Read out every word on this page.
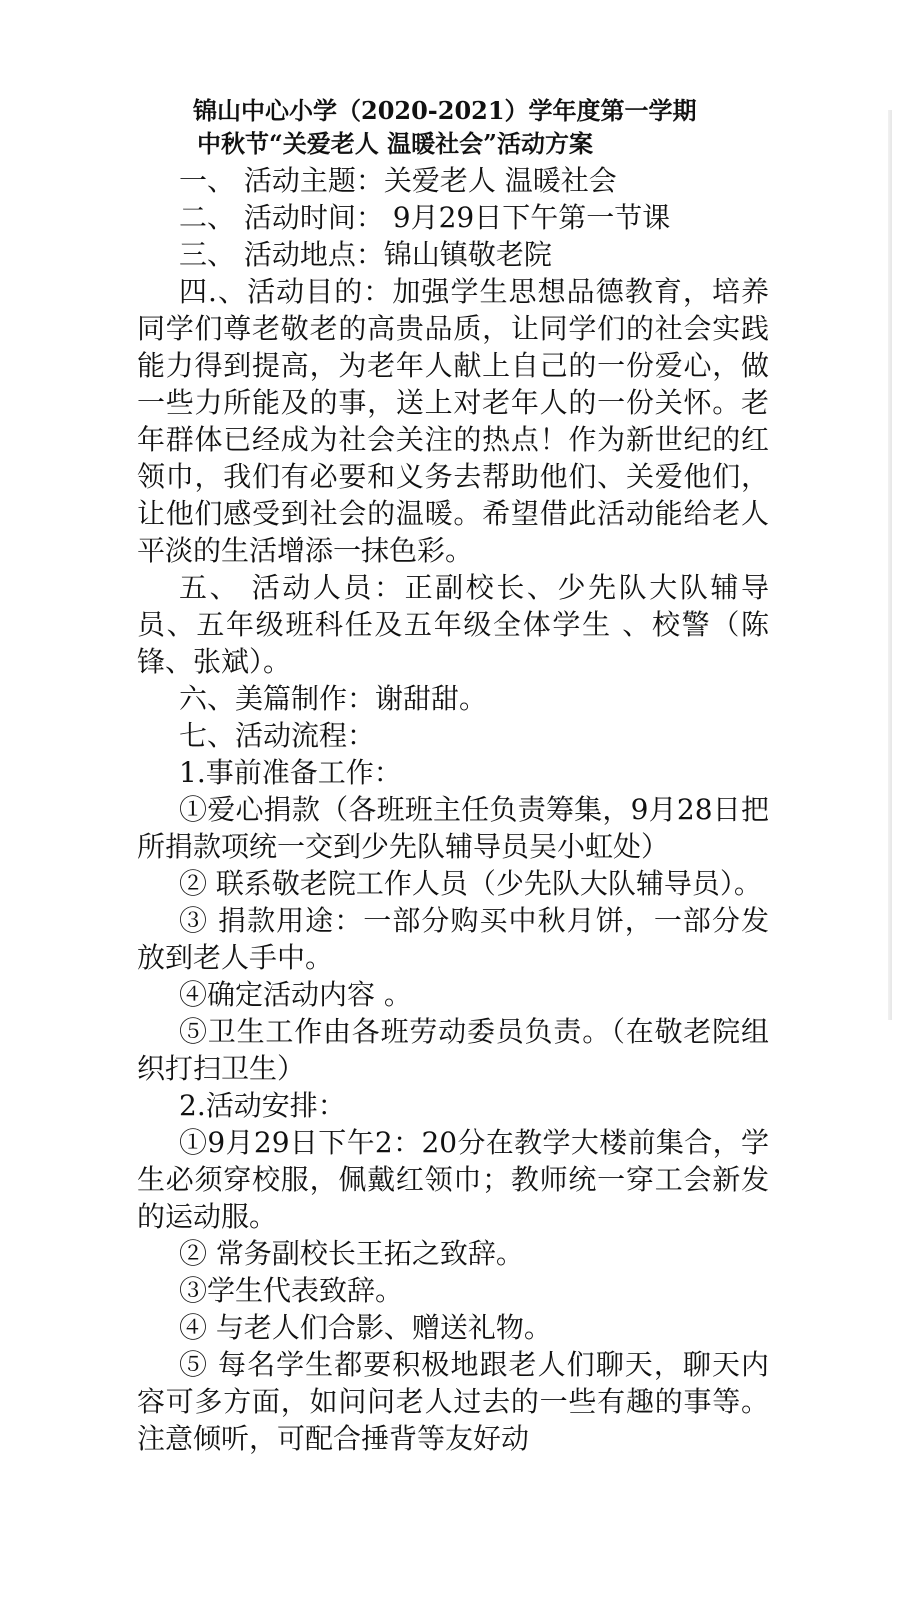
锦山中心小学（2020-2021）学年度第一学期
中秋节“关爱老人 温暖社会”活动方案

一、 活动主题：关爱老人 温暖社会

二、 活动时间： 9月29日下午第一节课

三、 活动地点：锦山镇敬老院

四.、活动目的：加强学生思想品德教育，培养同学们尊老敬老的高贵品质，让同学们的社会实践能力得到提高，为老年人献上自己的一份爱心，做一些力所能及的事，送上对老年人的一份关怀。老年群体已经成为社会关注的热点！作为新世纪的红领巾，我们有必要和义务去帮助他们、关爱他们，让他们感受到社会的温暖。希望借此活动能给老人平淡的生活增添一抹色彩。

五、 活动人员：正副校长、少先队大队辅导员、五年级班科任及五年级全体学生 、校警（陈锋、张斌）。

六、美篇制作：谢甜甜。

七、活动流程：

1.事前准备工作：

①爱心捐款（各班班主任负责筹集，9月28日把所捐款项统一交到少先队辅导员吴小虹处）

② 联系敬老院工作人员（少先队大队辅导员）。

③ 捐款用途：一部分购买中秋月饼，一部分发放到老人手中。

④确定活动内容 。

⑤卫生工作由各班劳动委员负责。（在敬老院组织打扫卫生）

2.活动安排：

①9月29日下午2：20分在教学大楼前集合，学生必须穿校服，佩戴红领巾；教师统一穿工会新发的运动服。

② 常务副校长王拓之致辞。

③学生代表致辞。

④ 与老人们合影、赠送礼物。

⑤ 每名学生都要积极地跟老人们聊天，聊天内容可多方面，如问问老人过去的一些有趣的事等。注意倾听，可配合捶背等友好动
